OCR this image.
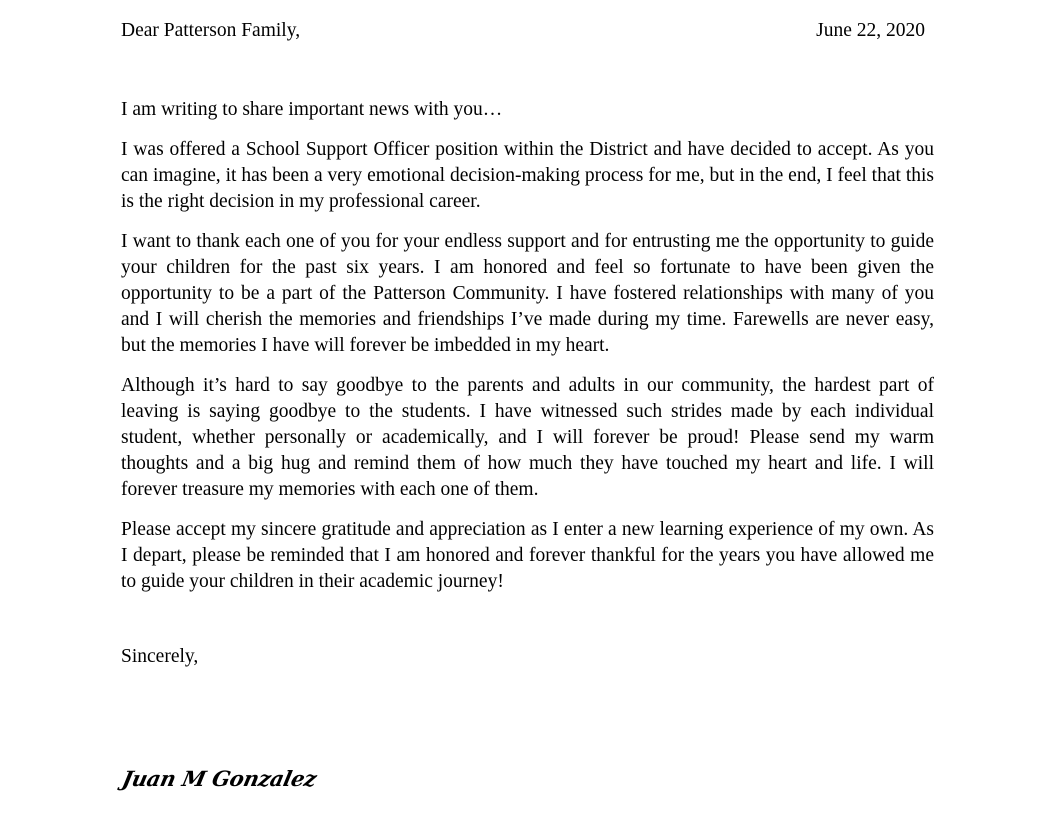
Dear Patterson Family,	June 22, 2020

I am writing to share important news with you…

I was offered a School Support Officer position within the District and have decided to accept. As you can imagine, it has been a very emotional decision-making process for me, but in the end, I feel that this is the right decision in my professional career.

I want to thank each one of you for your endless support and for entrusting me the opportunity to guide your children for the past six years. I am honored and feel so fortunate to have been given the opportunity to be a part of the Patterson Community. I have fostered relationships with many of you and I will cherish the memories and friendships I’ve made during my time. Farewells are never easy, but the memories I have will forever be imbedded in my heart.

Although it’s hard to say goodbye to the parents and adults in our community, the hardest part of leaving is saying goodbye to the students. I have witnessed such strides made by each individual student, whether personally or academically, and I will forever be proud! Please send my warm thoughts and a big hug and remind them of how much they have touched my heart and life. I will forever treasure my memories with each one of them.

Please accept my sincere gratitude and appreciation as I enter a new learning experience of my own. As I depart, please be reminded that I am honored and forever thankful for the years you have allowed me to guide your children in their academic journey!

Sincerely,

Juan M Gonzalez
